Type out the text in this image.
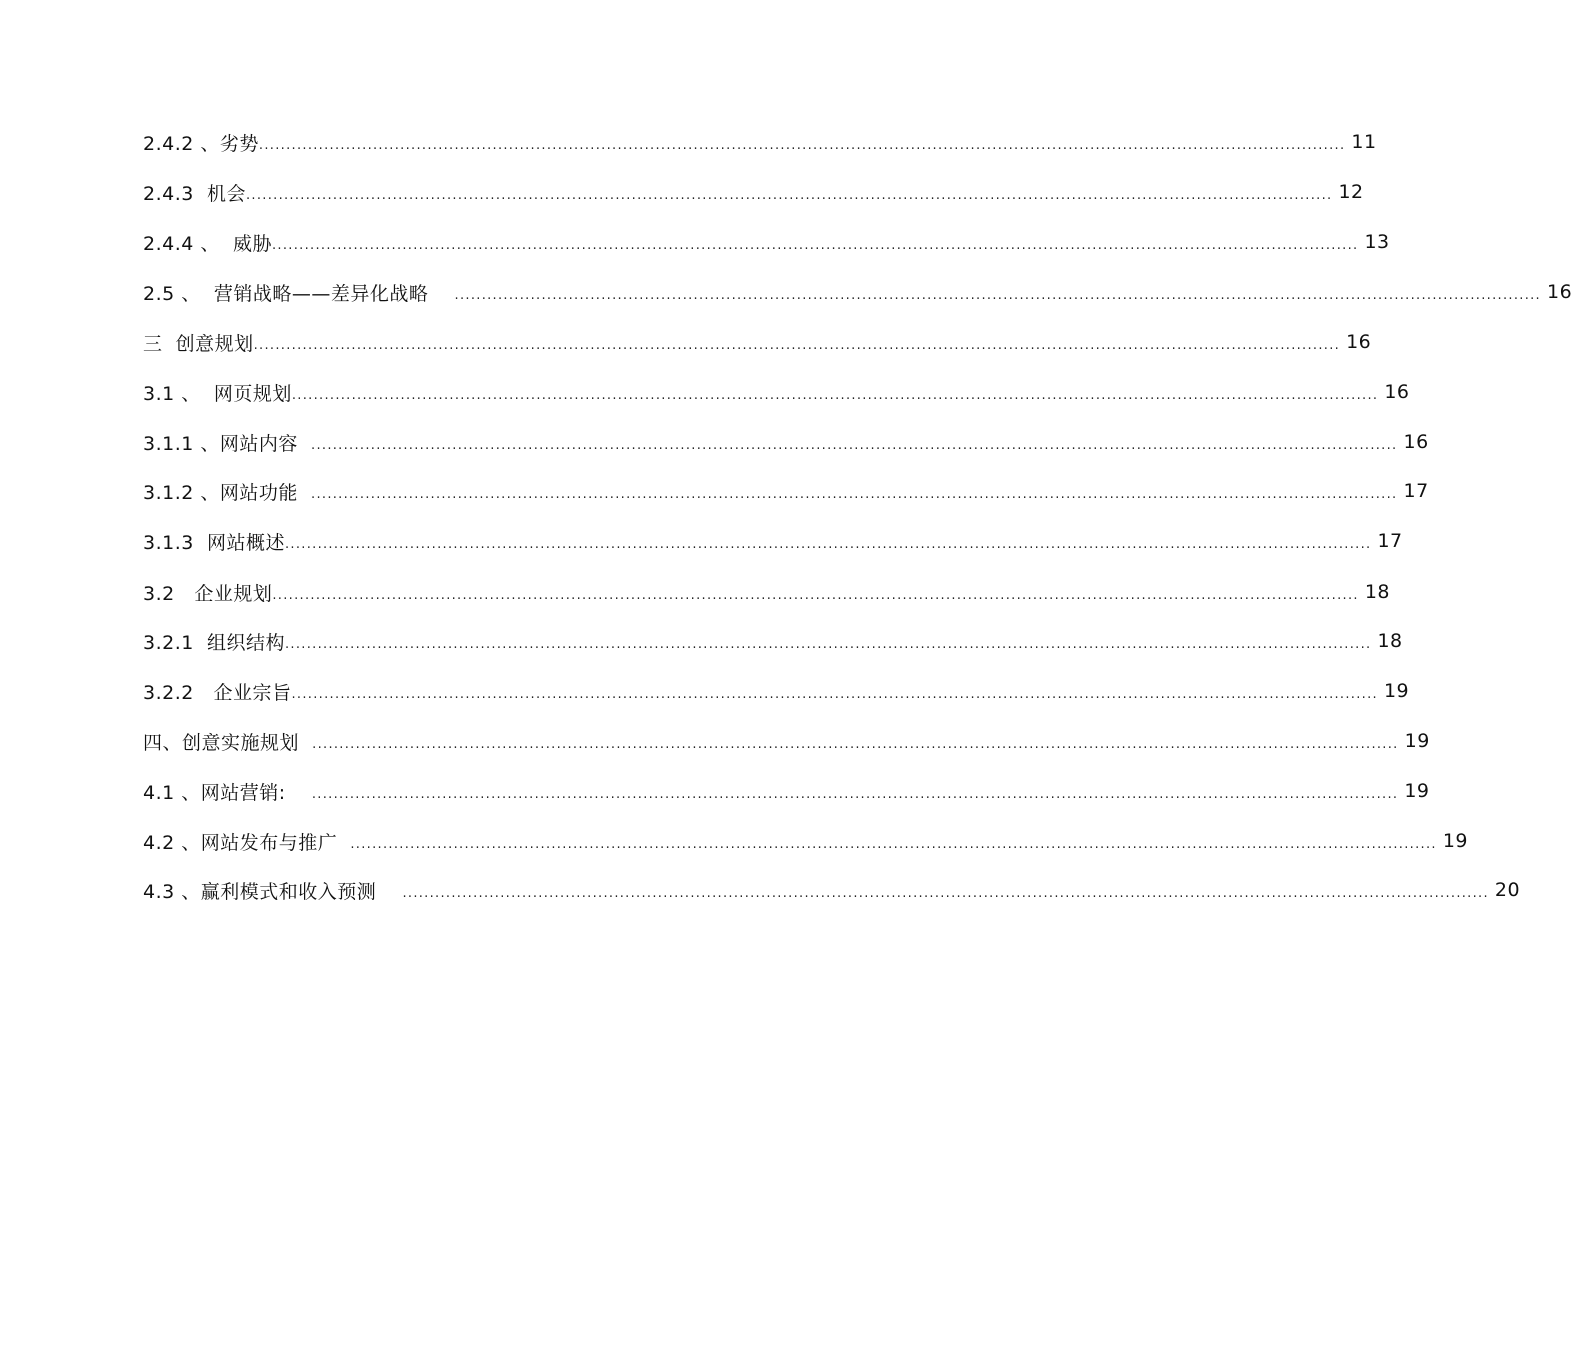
2.4.2 、劣势 ........................................................................................................................................................................................................ 11
2.4.3 机会 ........................................................................................................................................................................................................ 12
2.4.4 、  威胁 ........................................................................................................................................................................................................ 13
2.5 、  营销战略——差异化战略	........................................................................................................................................................................................................ 16
三 创意规划 ........................................................................................................................................................................................................ 16
3.1 、  网页规划 ........................................................................................................................................................................................................ 16
3.1.1 、网站内容	........................................................................................................................................................................................................ 16
3.1.2 、网站功能	........................................................................................................................................................................................................ 17
3.1.3 网站概述 ........................................................................................................................................................................................................ 17
3.2 企业规划 ........................................................................................................................................................................................................ 18
3.2.1 组织结构 ........................................................................................................................................................................................................ 18
3.2.2 企业宗旨 ........................................................................................................................................................................................................ 19
四、创意实施规划	........................................................................................................................................................................................................ 19
4.1 、网站营销:	........................................................................................................................................................................................................ 19
4.2 、网站发布与推广	........................................................................................................................................................................................................ 19
4.3 、赢利模式和收入预测	........................................................................................................................................................................................................ 20
